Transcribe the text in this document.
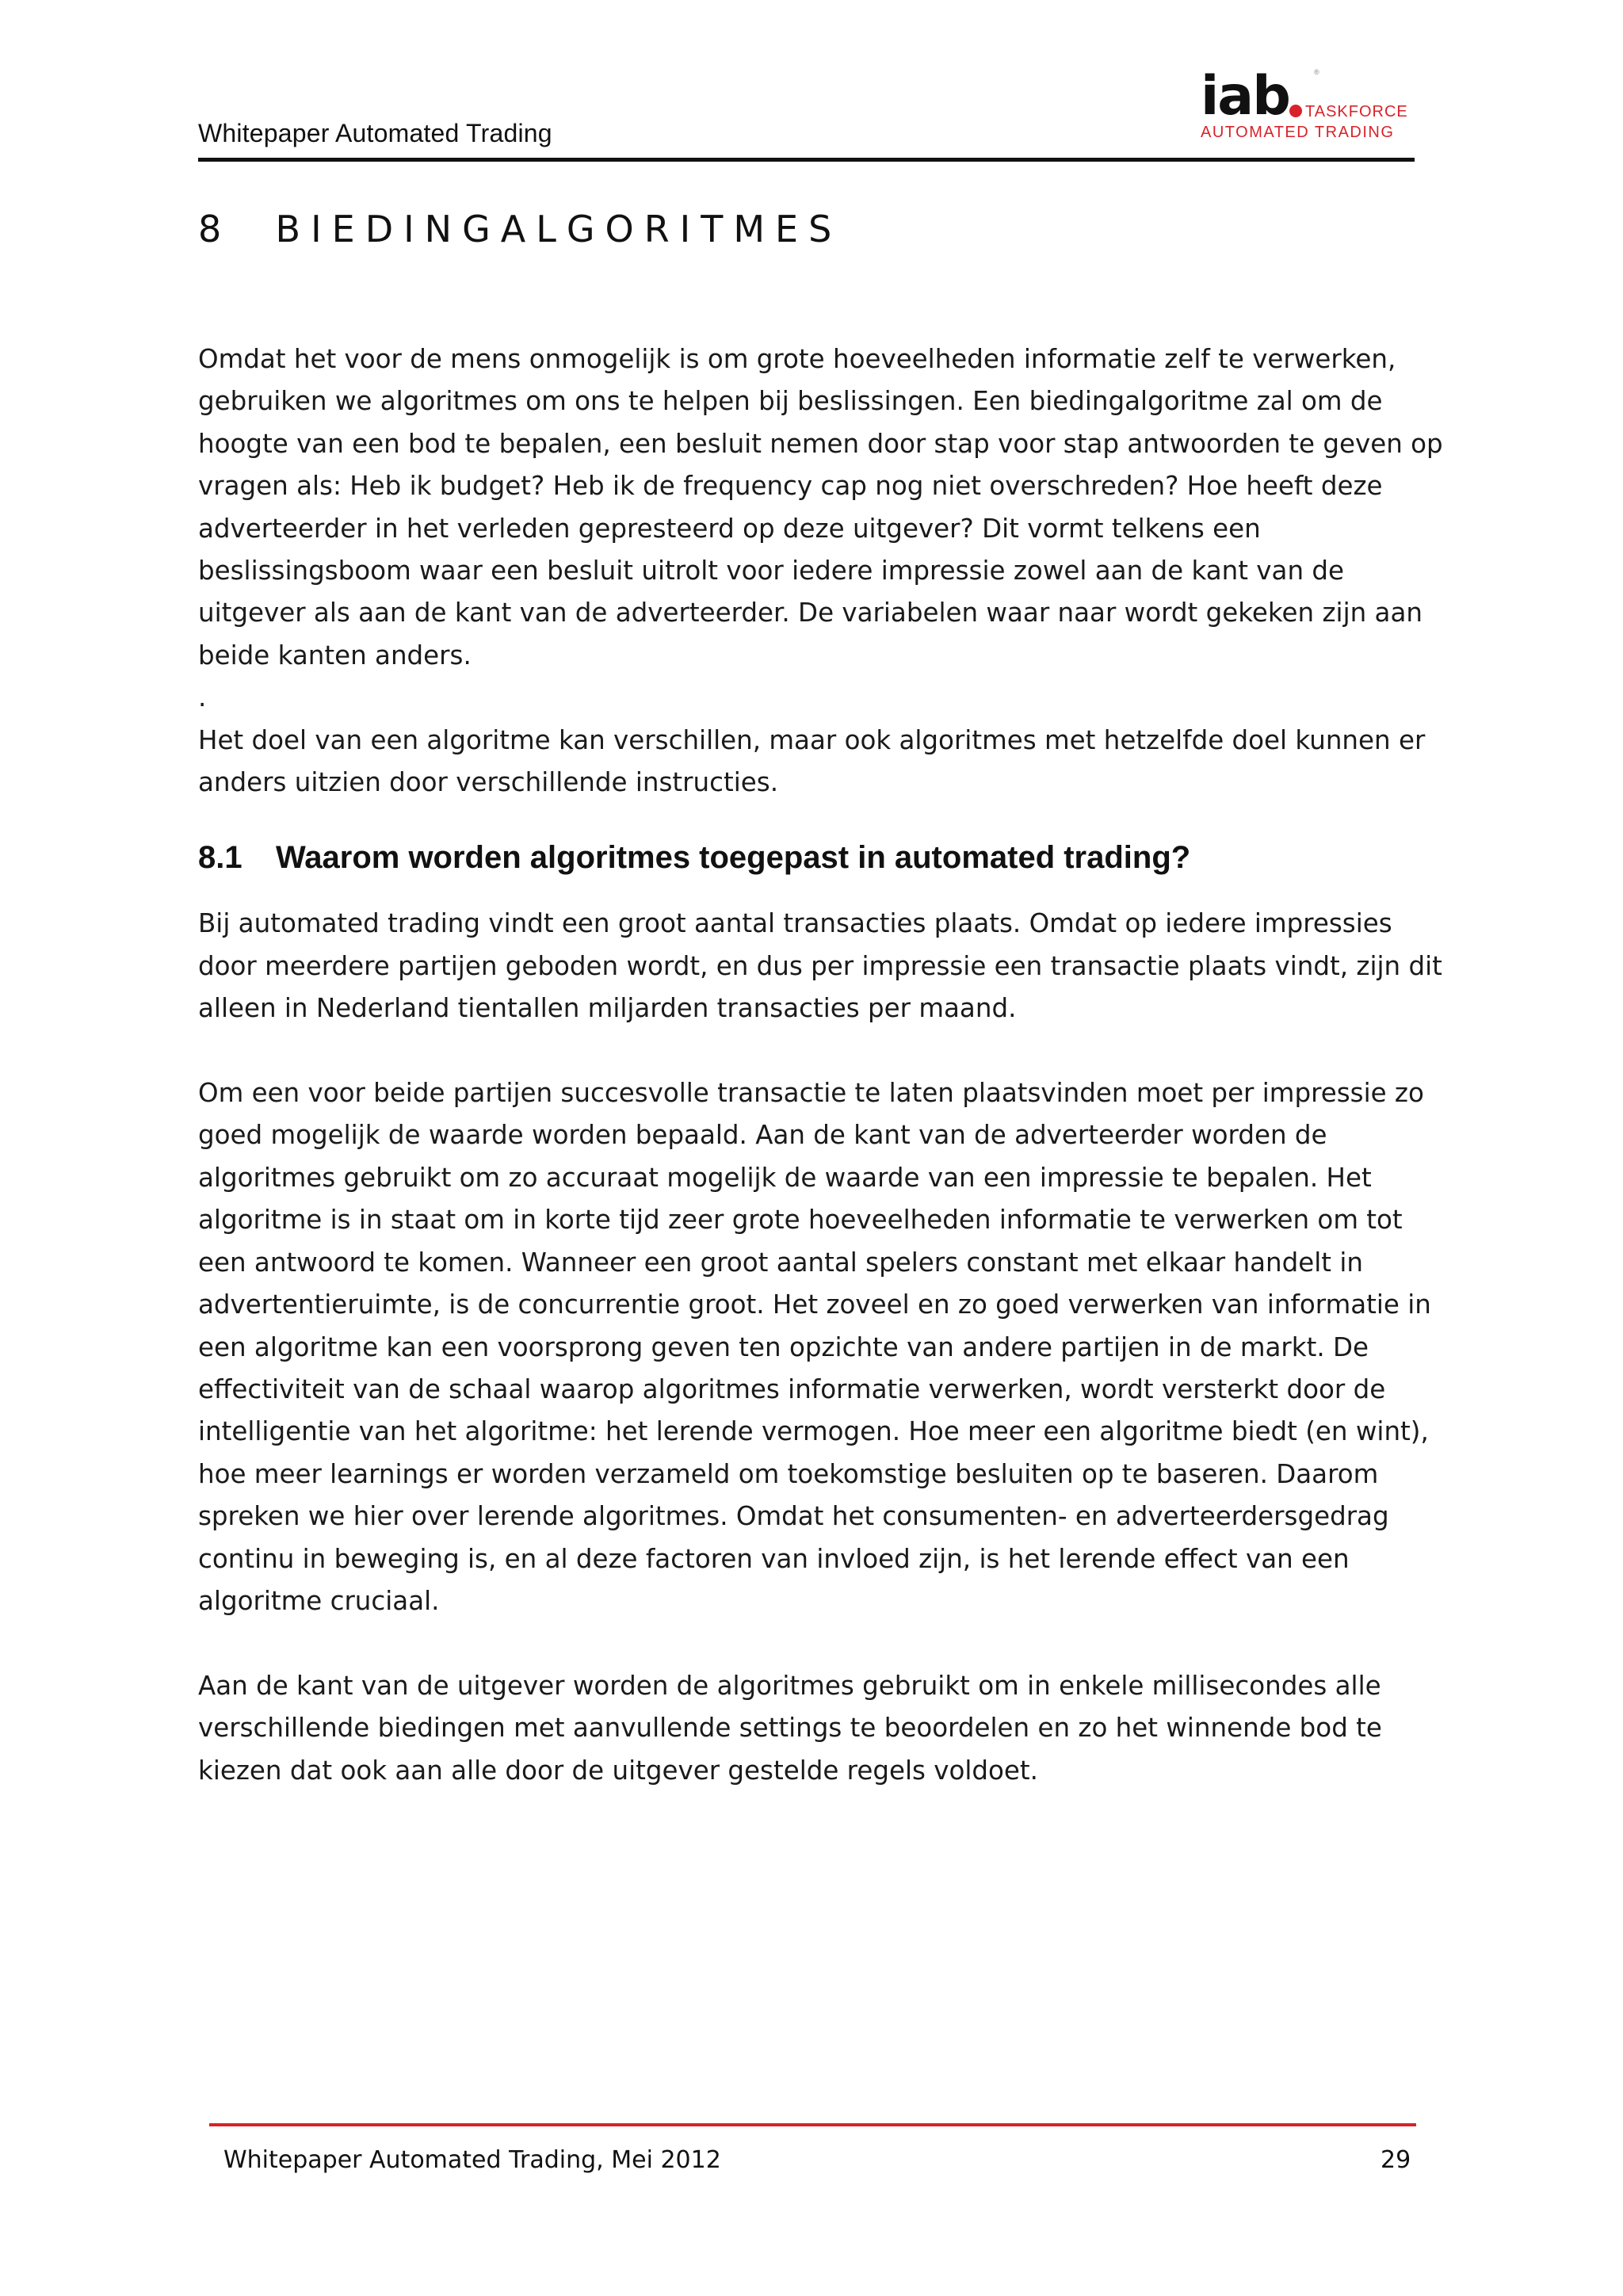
Whitepaper Automated Trading
iab	®
TASKFORCE
AUTOMATED TRADING
8  BIEDINGALGORITMES

Omdat het voor de mens onmogelijk is om grote hoeveelheden informatie zelf te verwerken, gebruiken we algoritmes om ons te helpen bij beslissingen. Een biedingalgoritme zal om de hoogte van een bod te bepalen, een besluit nemen door stap voor stap antwoorden te geven op vragen als: Heb ik budget? Heb ik de frequency cap nog niet overschreden? Hoe heeft deze adverteerder in het verleden gepresteerd op deze uitgever? Dit vormt telkens een beslissingsboom waar een besluit uitrolt voor iedere impressie zowel aan de kant van de uitgever als aan de kant van de adverteerder. De variabelen waar naar wordt gekeken zijn aan beide kanten anders.

.

Het doel van een algoritme kan verschillen, maar ook algoritmes met hetzelfde doel kunnen er anders uitzien door verschillende instructies.

8.1 Waarom worden algoritmes toegepast in automated trading?

Bij automated trading vindt een groot aantal transacties plaats. Omdat op iedere impressies door meerdere partijen geboden wordt, en dus per impressie een transactie plaats vindt, zijn dit alleen in Nederland tientallen miljarden transacties per maand.

Om een voor beide partijen succesvolle transactie te laten plaatsvinden moet per impressie zo goed mogelijk de waarde worden bepaald. Aan de kant van de adverteerder worden de algoritmes gebruikt om zo accuraat mogelijk de waarde van een impressie te bepalen. Het algoritme is in staat om in korte tijd zeer grote hoeveelheden informatie te verwerken om tot een antwoord te komen. Wanneer een groot aantal spelers constant met elkaar handelt in advertentieruimte, is de concurrentie groot. Het zoveel en zo goed verwerken van informatie in een algoritme kan een voorsprong geven ten opzichte van andere partijen in de markt. De effectiviteit van de schaal waarop algoritmes informatie verwerken, wordt versterkt door de intelligentie van het algoritme: het lerende vermogen. Hoe meer een algoritme biedt (en wint), hoe meer learnings er worden verzameld om toekomstige besluiten op te baseren. Daarom spreken we hier over lerende algoritmes. Omdat het consumenten- en adverteerdersgedrag continu in beweging is, en al deze factoren van invloed zijn, is het lerende effect van een algoritme cruciaal.

Aan de kant van de uitgever worden de algoritmes gebruikt om in enkele millisecondes alle verschillende biedingen met aanvullende settings te beoordelen en zo het winnende bod te kiezen dat ook aan alle door de uitgever gestelde regels voldoet.

Whitepaper Automated Trading, Mei 2012	29
